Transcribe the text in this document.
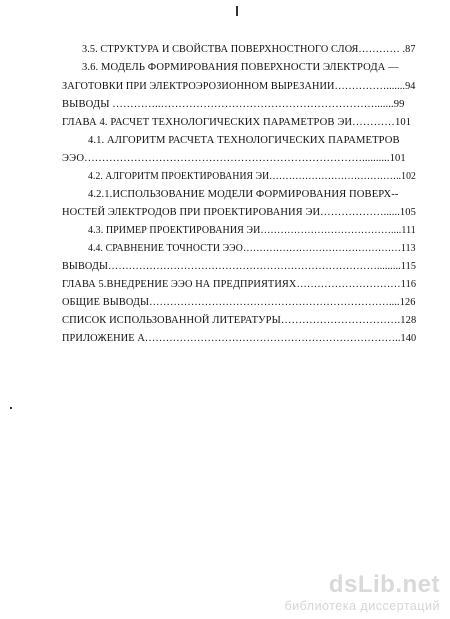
3.5. СТРУКТУРА И СВОЙСТВА ПОВЕРХНОСТНОГО СЛОЯ………… .87
3.6. МОДЕЛЬ ФОРМИРОВАНИЯ ПОВЕРХНОСТИ ЭЛЕКТРОДА —
ЗАГОТОВКИ ПРИ ЭЛЕКТРОЭРОЗИОННОМ ВЫРЕЗАНИИ…………….......94
ВЫВОДЫ …………..…………………………………………………….......99
ГЛАВА 4. РАСЧЕТ ТЕХНОЛОГИЧЕСКИХ ПАРАМЕТРОВ ЭИ…………101
4.1. АЛГОРИТМ РАСЧЕТА ТЕХНОЛОГИЧЕСКИХ ПАРАМЕТРОВ
ЭЭО……………………………………………………………………..........101
4.2. АЛГОРИТМ ПРОЕКТИРОВАНИЯ ЭИ…………………………………..102
4.2.1.ИСПОЛЬЗОВАНИЕ МОДЕЛИ ФОРМИРОВАНИЯ ПОВЕРХ--
НОСТЕЙ ЭЛЕКТРОДОВ ПРИ ПРОЕКТИРОВАНИЯ ЭИ………………......105
4.3. ПРИМЕР ПРОЕКТИРОВАНИЯ ЭИ…………………………………....111
4.4. СРАВНЕНИЕ ТОЧНОСТИ ЭЭО…………………………………………113
ВЫВОДЫ…………………………………………………………………….........115
ГЛАВА 5.ВНЕДРЕНИЕ ЭЭО НА ПРЕДПРИЯТИЯХ…………………………116
ОБЩИЕ ВЫВОДЫ……………………………………………………………....126
СПИСОК ИСПОЛЬЗОВАННОЙ ЛИТЕРАТУРЫ…………………………….128
ПРИЛОЖЕНИЕ А………………………………………………………………..140
dsLib.net
библиотека диссертаций
